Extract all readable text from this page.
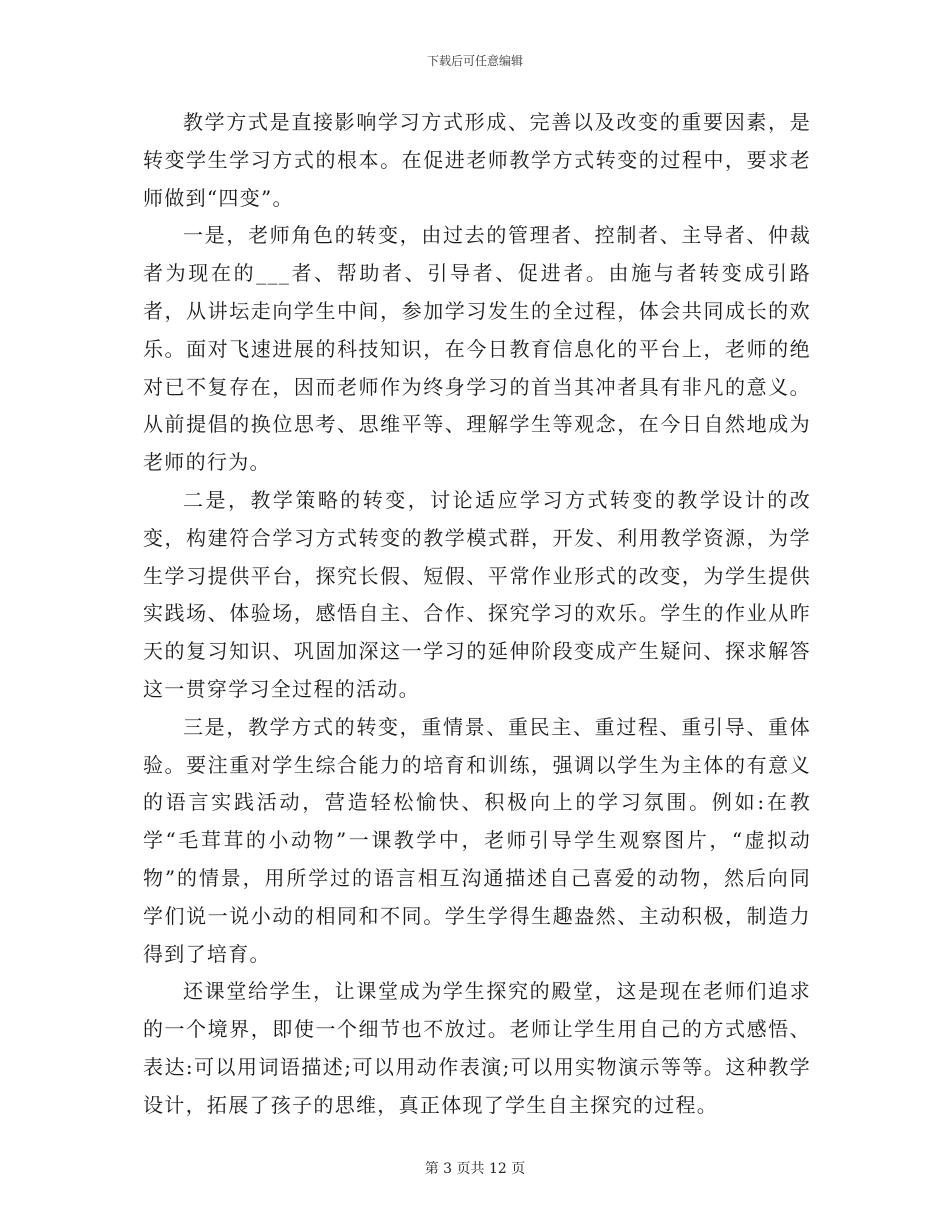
下载后可任意编辑

教学方式是直接影响学习方式形成、完善以及改变的重要因素，是转变学生学习方式的根本。在促进老师教学方式转变的过程中，要求老师做到“四变”。

一是，老师角色的转变，由过去的管理者、控制者、主导者、仲裁者为现在的___者、帮助者、引导者、促进者。由施与者转变成引路者，从讲坛走向学生中间，参加学习发生的全过程，体会共同成长的欢乐。面对飞速进展的科技知识，在今日教育信息化的平台上，老师的绝对已不复存在，因而老师作为终身学习的首当其冲者具有非凡的意义。从前提倡的换位思考、思维平等、理解学生等观念，在今日自然地成为老师的行为。

二是，教学策略的转变，讨论适应学习方式转变的教学设计的改变，构建符合学习方式转变的教学模式群，开发、利用教学资源，为学生学习提供平台，探究长假、短假、平常作业形式的改变，为学生提供实践场、体验场，感悟自主、合作、探究学习的欢乐。学生的作业从昨天的复习知识、巩固加深这一学习的延伸阶段变成产生疑问、探求解答这一贯穿学习全过程的活动。

三是，教学方式的转变，重情景、重民主、重过程、重引导、重体验。要注重对学生综合能力的培育和训练，强调以学生为主体的有意义的语言实践活动，营造轻松愉快、积极向上的学习氛围。例如:在教学“毛茸茸的小动物”一课教学中，老师引导学生观察图片，“虚拟动物”的情景，用所学过的语言相互沟通描述自己喜爱的动物，然后向同学们说一说小动的相同和不同。学生学得生趣盎然、主动积极，制造力得到了培育。

还课堂给学生，让课堂成为学生探究的殿堂，这是现在老师们追求的一个境界，即使一个细节也不放过。老师让学生用自己的方式感悟、表达:可以用词语描述;可以用动作表演;可以用实物演示等等。这种教学设计，拓展了孩子的思维，真正体现了学生自主探究的过程。

第 3 页共 12 页
